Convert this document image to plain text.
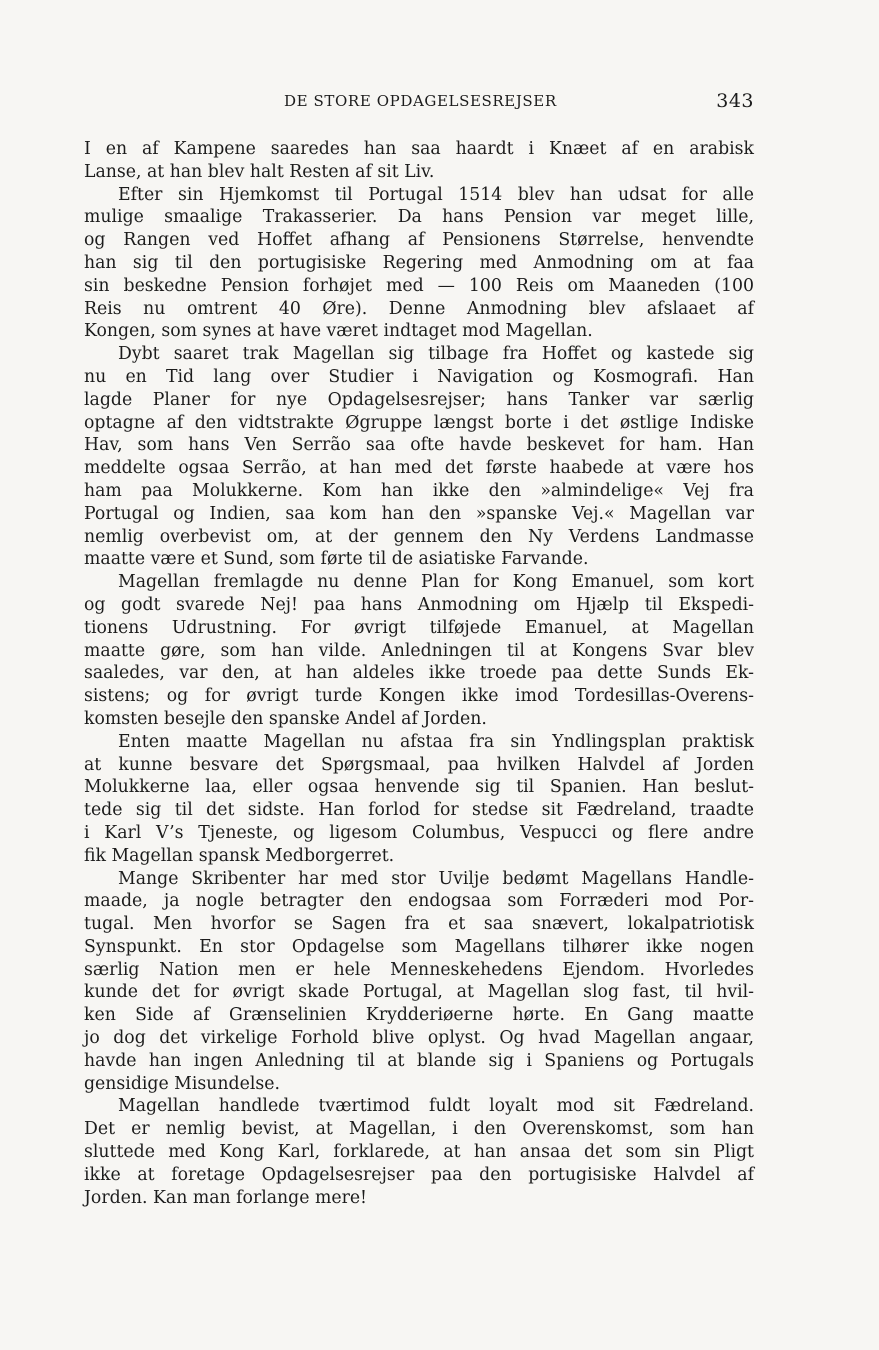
DE STORE OPDAGELSESREJSER	343
I en af Kampene saaredes han saa haardt i Knæet af en arabisk
Lanse, at han blev halt Resten af sit Liv.
Efter sin Hjemkomst til Portugal 1514 blev han udsat for alle
mulige smaalige Trakasserier. Da hans Pension var meget lille,
og Rangen ved Hoffet afhang af Pensionens Størrelse, henvendte
han sig til den portugisiske Regering med Anmodning om at faa
sin beskedne Pension forhøjet med — 100 Reis om Maaneden (100
Reis nu omtrent 40 Øre). Denne Anmodning blev afslaaet af
Kongen, som synes at have været indtaget mod Magellan.
Dybt saaret trak Magellan sig tilbage fra Hoffet og kastede sig
nu en Tid lang over Studier i Navigation og Kosmografi. Han
lagde Planer for nye Opdagelsesrejser; hans Tanker var særlig
optagne af den vidtstrakte Øgruppe længst borte i det østlige Indiske
Hav, som hans Ven Serrão saa ofte havde beskevet for ham. Han
meddelte ogsaa Serrão, at han med det første haabede at være hos
ham paa Molukkerne. Kom han ikke den »almindelige« Vej fra
Portugal og Indien, saa kom han den »spanske Vej.« Magellan var
nemlig overbevist om, at der gennem den Ny Verdens Landmasse
maatte være et Sund, som førte til de asiatiske Farvande.
Magellan fremlagde nu denne Plan for Kong Emanuel, som kort
og godt svarede Nej! paa hans Anmodning om Hjælp til Ekspedi-
tionens Udrustning. For øvrigt tilføjede Emanuel, at Magellan
maatte gøre, som han vilde. Anledningen til at Kongens Svar blev
saaledes, var den, at han aldeles ikke troede paa dette Sunds Ek-
sistens; og for øvrigt turde Kongen ikke imod Tordesillas-Overens-
komsten besejle den spanske Andel af Jorden.
Enten maatte Magellan nu afstaa fra sin Yndlingsplan praktisk
at kunne besvare det Spørgsmaal, paa hvilken Halvdel af Jorden
Molukkerne laa, eller ogsaa henvende sig til Spanien. Han beslut-
tede sig til det sidste. Han forlod for stedse sit Fædreland, traadte
i Karl V’s Tjeneste, og ligesom Columbus, Vespucci og flere andre
fik Magellan spansk Medborgerret.
Mange Skribenter har med stor Uvilje bedømt Magellans Handle-
maade, ja nogle betragter den endogsaa som Forræderi mod Por-
tugal. Men hvorfor se Sagen fra et saa snævert, lokalpatriotisk
Synspunkt. En stor Opdagelse som Magellans tilhører ikke nogen
særlig Nation men er hele Menneskehedens Ejendom. Hvorledes
kunde det for øvrigt skade Portugal, at Magellan slog fast, til hvil-
ken Side af Grænselinien Krydderiøerne hørte. En Gang maatte
jo dog det virkelige Forhold blive oplyst. Og hvad Magellan angaar,
havde han ingen Anledning til at blande sig i Spaniens og Portugals
gensidige Misundelse.
Magellan handlede tværtimod fuldt loyalt mod sit Fædreland.
Det er nemlig bevist, at Magellan, i den Overenskomst, som han
sluttede med Kong Karl, forklarede, at han ansaa det som sin Pligt
ikke at foretage Opdagelsesrejser paa den portugisiske Halvdel af
Jorden. Kan man forlange mere!
